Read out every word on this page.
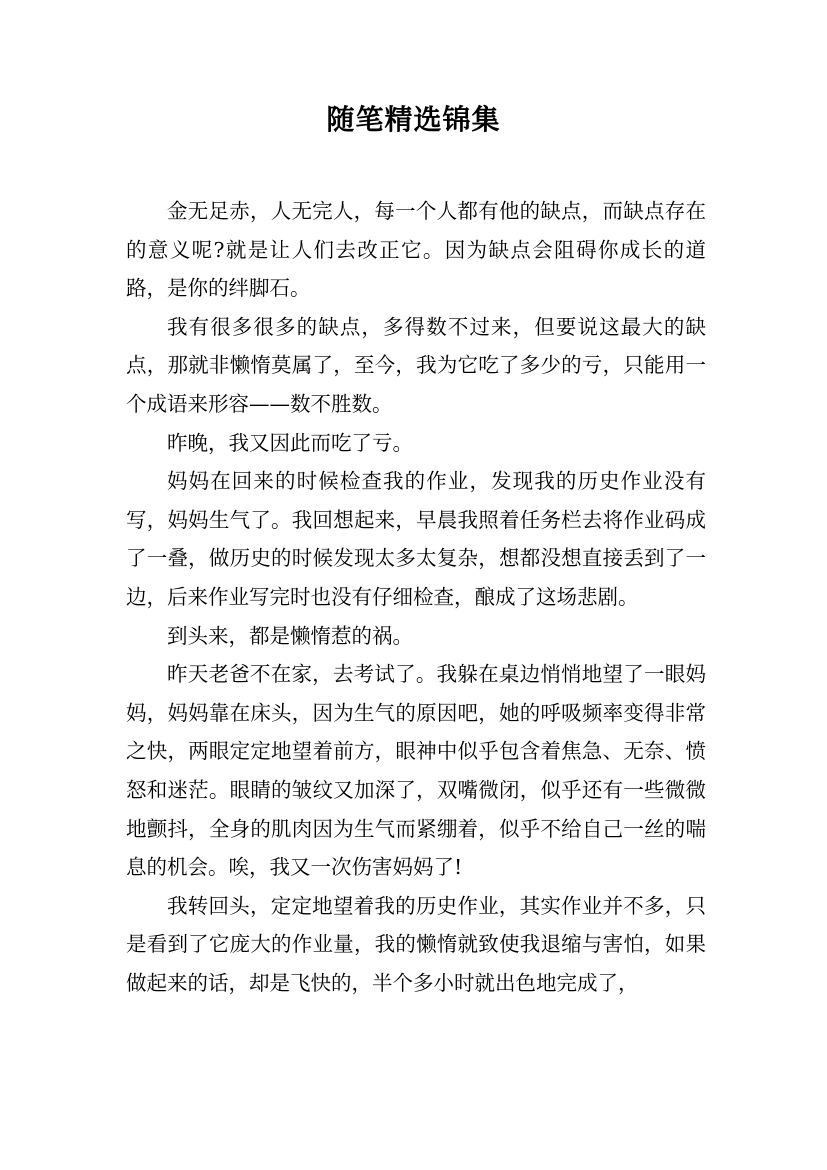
随笔精选锦集

金无足赤，人无完人，每一个人都有他的缺点，而缺点存在的意义呢?就是让人们去改正它。因为缺点会阻碍你成长的道路，是你的绊脚石。

我有很多很多的缺点，多得数不过来，但要说这最大的缺点，那就非懒惰莫属了，至今，我为它吃了多少的亏，只能用一个成语来形容——数不胜数。

昨晚，我又因此而吃了亏。

妈妈在回来的时候检查我的作业，发现我的历史作业没有写，妈妈生气了。我回想起来，早晨我照着任务栏去将作业码成了一叠，做历史的时候发现太多太复杂，想都没想直接丢到了一边，后来作业写完时也没有仔细检查，酿成了这场悲剧。

到头来，都是懒惰惹的祸。

昨天老爸不在家，去考试了。我躲在桌边悄悄地望了一眼妈妈，妈妈靠在床头，因为生气的原因吧，她的呼吸频率变得非常之快，两眼定定地望着前方，眼神中似乎包含着焦急、无奈、愤怒和迷茫。眼睛的皱纹又加深了，双嘴微闭，似乎还有一些微微地颤抖，全身的肌肉因为生气而紧绷着，似乎不给自己一丝的喘息的机会。唉，我又一次伤害妈妈了!

我转回头，定定地望着我的历史作业，其实作业并不多，只是看到了它庞大的作业量，我的懒惰就致使我退缩与害怕，如果做起来的话，却是飞快的，半个多小时就出色地完成了，
